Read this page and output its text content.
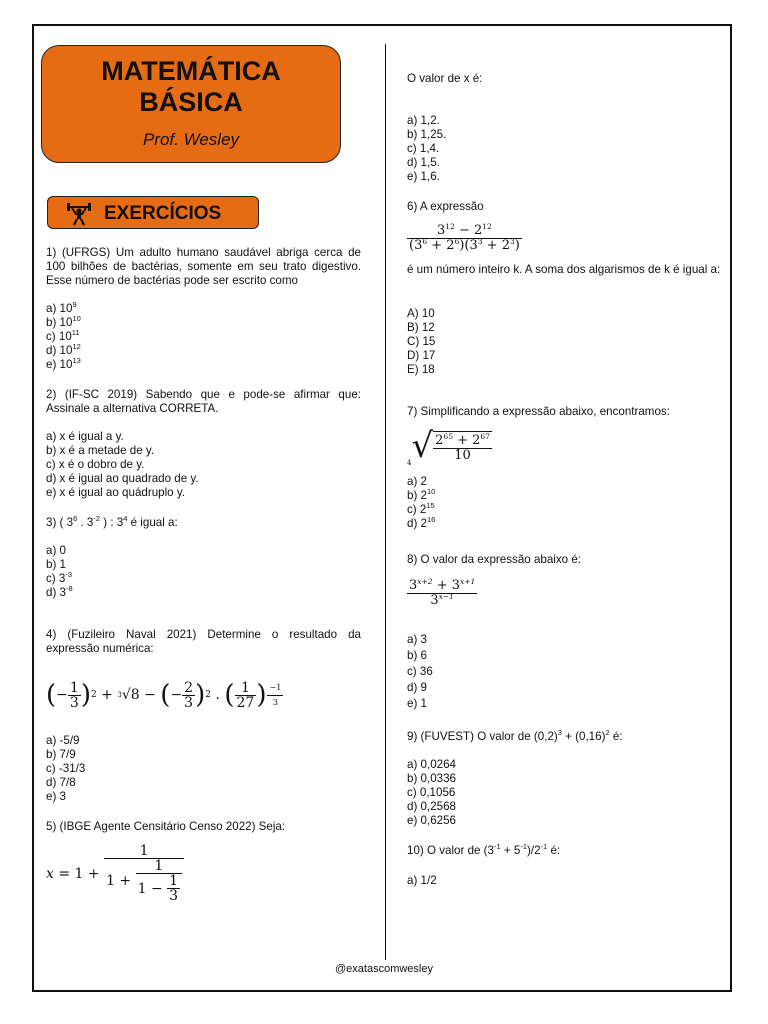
MATEMÁTICA
BÁSICA
Prof. Wesley
EXERCÍCIOS
1) (UFRGS) Um adulto humano saudável abriga cerca de 100 bilhões de bactérias, somente em seu trato digestivo. Esse número de bactérias pode ser escrito como
a) $10^9$
b) $10^{10}$
c) $10^{11}$
d) $10^{12}$
e) $10^{13}$
2) (IF-SC 2019) Sabendo que e pode-se afirmar que: Assinale a alternativa CORRETA.
a) x é igual a y.
b) x é a metade de y.
c) x é o dobro de y.
d) x é igual ao quadrado de y.
e) x é igual ao quádruplo y.
3) ( $3^6$ . $3^{-2}$ ) : $3^4$ é igual a:
a) 0
b) 1
c) $3^{-3}$
d) $3^{-8}$
4) (Fuzileiro Naval 2021) Determine o resultado da expressão numérica:
( − $\frac{1}{3}$ ) 2 + 3 √8 − ( − $\frac{2}{3}$ ) 2 . ( $\frac{1}{27}$ ) $\frac{-1}{3}$
a) -5/9
b) 7/9
c) -31/3
d) 7/8
e) 3
5) (IBGE Agente Censitário Censo 2022) Seja:
$x = 1 + \frac{1}{1 + \frac{1}{1 - \frac{1}{3}}}$
O valor de x é:
a) 1,2.
b) 1,25.
c) 1,4.
d) 1,5.
e) 1,6.
6) A expressão
$\frac{3^{12} - 2^{12}}{(3^6 + 2^6)(3^3 + 2^3)}$
é um número inteiro k. A soma dos algarismos de k é igual a:
A) 10
B) 12
C) 15
D) 17
E) 18
7) Simplificando a expressão abaixo, encontramos:
4 √ $\frac{2^{65} + 2^{67}}{10}$
a) 2
b) $2^{10}$
c) $2^{15}$
d) $2^{16}$
8) O valor da expressão abaixo é:
$\frac{3^{x+2} + 3^{x+1}}{3^{x-1}}$
a) 3
b) 6
c) 36
d) 9
e) 1
9) (FUVEST) O valor de $(0,2)^3 + (0,16)^2$ é:
a) 0,0264
b) 0,0336
c) 0,1056
d) 0,2568
e) 0,6256
10) O valor de $(3^{-1} + 5^{-1})/2^{-1}$ é:
a) 1/2
@exatascomwesley
